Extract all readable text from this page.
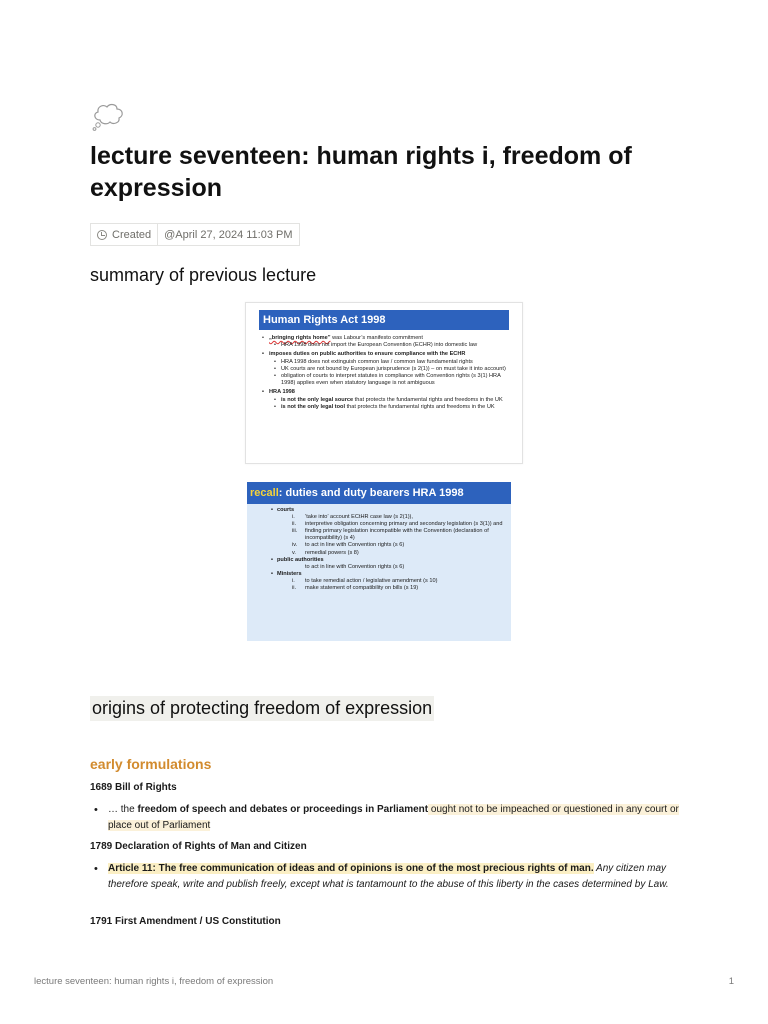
lecture seventeen: human rights i, freedom of expression
Created	@April 27, 2024 11:03 PM
summary of previous lecture
Human Rights Act 1998
• „bringing rights home” was Labour’s manifesto commitment
• HRA 1998 does not import the European Convention (ECHR) into domestic law
• imposes duties on public authorities to ensure compliance with the ECHR
• HRA 1998 does not extinguish common law / common law fundamental rights
• UK courts are not bound by European jurisprudence (s 2(1)) – on must take it into account)
• obligation of courts to interpret statutes in compliance with Convention rights (s 3(1) HRA 1998) applies even when statutory language is not ambiguous
• HRA 1998
• is not the only legal source that protects the fundamental rights and freedoms in the UK
• is not the only legal tool that protects the fundamental rights and freedoms in the UK
recall: duties and duty bearers HRA 1998
• courts
i. ‘take into’ account ECtHR case law (s 2(1)),
ii. interpretive obligation concerning primary and secondary legislation (s 3(1)) and
iii. finding primary legislation incompatible with the Convention (declaration of incompatibility) (s 4)
iv. to act in line with Convention rights (s 6)
v. remedial powers (s 8)
• public authorities
to act in line with Convention rights (s 6)
• Ministers
i. to take remedial action / legislative amendment (s 10)
ii. make statement of compatibility on bills (s 19)
origins of protecting freedom of expression
early formulations
1689 Bill of Rights
• … the freedom of speech and debates or proceedings in Parliament ought not to be impeached or questioned in any court or place out of Parliament
1789 Declaration of Rights of Man and Citizen
• Article 11: The free communication of ideas and of opinions is one of the most precious rights of man. Any citizen may therefore speak, write and publish freely, except what is tantamount to the abuse of this liberty in the cases determined by Law.
1791 First Amendment / US Constitution
lecture seventeen: human rights i, freedom of expression	1
